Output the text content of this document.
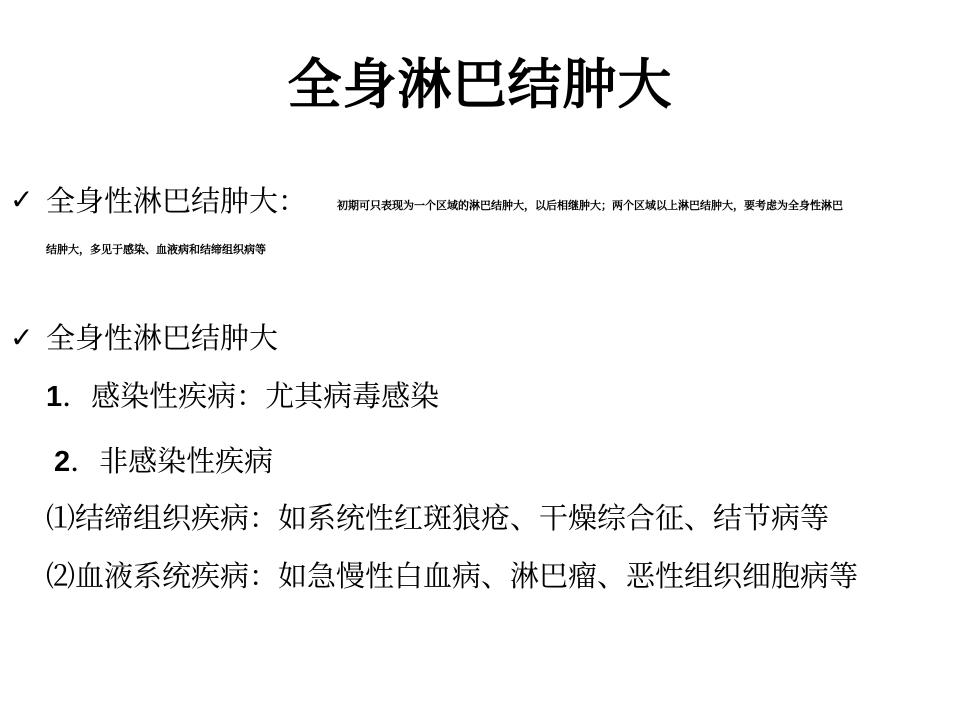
全身淋巴结肿大
✓ 全身性淋巴结肿大：	初期可只表现为一个区域的淋巴结肿大，以后相继肿大；两个区域以上淋巴结肿大，要考虑为全身性淋巴
结肿大，多见于感染、血液病和结缔组织病等
✓ 全身性淋巴结肿大
1．感染性疾病：尤其病毒感染
2．非感染性疾病
⑴结缔组织疾病：如系统性红斑狼疮、干燥综合征、结节病等
⑵血液系统疾病：如急慢性白血病、淋巴瘤、恶性组织细胞病等
